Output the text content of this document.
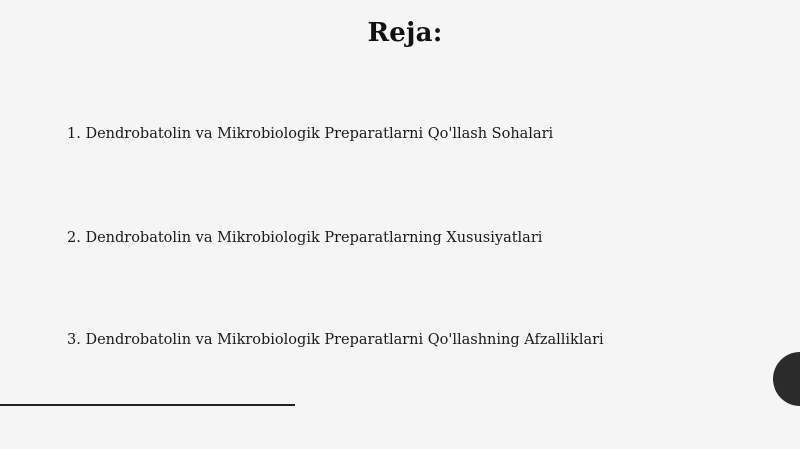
Reja:
1. Dendrobatolin va Mikrobiologik Preparatlarni Qo'llash Sohalari
2. Dendrobatolin va Mikrobiologik Preparatlarning Xususiyatlari
3. Dendrobatolin va Mikrobiologik Preparatlarni Qo'llashning Afzalliklari
